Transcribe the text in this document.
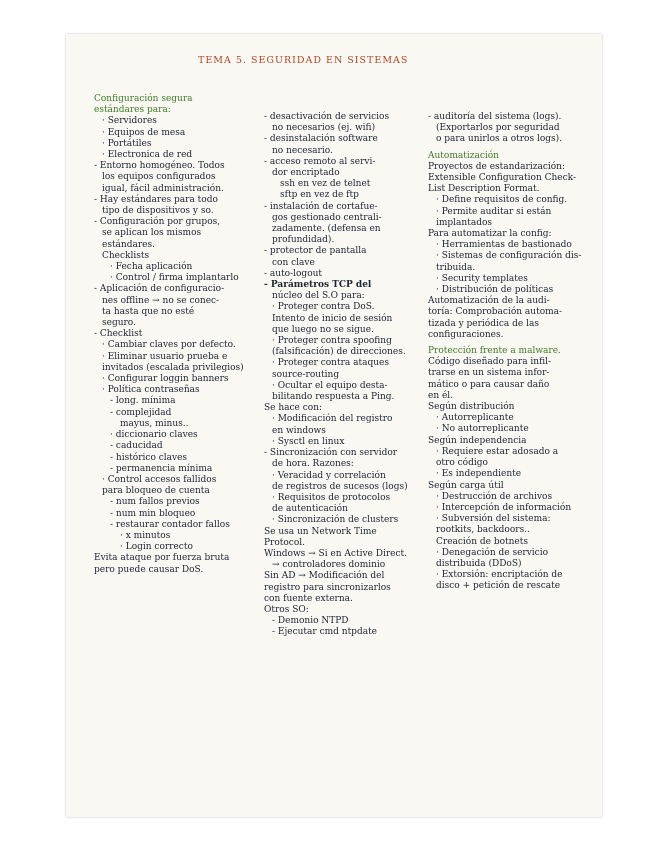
TEMA 5. SEGURIDAD EN SISTEMAS
Configuración segura
estándares para:
· Servidores
· Equipos de mesa
· Portátiles
· Electronica de red
- Entorno homogéneo. Todos
los equipos configurados
igual, fácil administración.
- Hay estándares para todo
tipo de dispositivos y so.
- Configuración por grupos,
se aplican los mismos
estándares.
Checklists
· Fecha aplicación
· Control / firma implantarlo
- Aplicación de configuracio-
nes offline → no se conec-
ta hasta que no esté
seguro.
- Checklist
· Cambiar claves por defecto.
· Eliminar usuario prueba e
invitados (escalada privilegios)
· Configurar loggin banners
· Política contraseñas
- long. mínima
- complejidad
mayus, minus..
· diccionario claves
- caducidad
- histórico claves
- permanencia mínima
· Control accesos fallidos
para bloqueo de cuenta
- num fallos previos
- num min bloqueo
- restaurar contador fallos
· x minutos
· Login correcto
Evita ataque por fuerza bruta
pero puede causar DoS.
- desactivación de servicios
no necesarios (ej. wifi)
- desinstalación software
no necesario.
- acceso remoto al servi-
dor encriptado
ssh en vez de telnet
sftp en vez de ftp
- instalación de cortafue-
gos gestionado centrali-
zadamente. (defensa en
profundidad).
- protector de pantalla
con clave
- auto-logout
- Parámetros TCP del
núcleo del S.O para:
· Proteger contra DoS.
Intento de inicio de sesión
que luego no se sigue.
· Proteger contra spoofing
(falsificación) de direcciones.
· Proteger contra ataques
source-routing
· Ocultar el equipo desta-
bilitando respuesta a Ping.
Se hace con:
· Modificación del registro
en windows
· Sysctl en linux
- Sincronización con servidor
de hora. Razones:
· Veracidad y correlación
de registros de sucesos (logs)
· Requisitos de protocolos
de autenticación
· Sincronización de clusters
Se usa un Network Time
Protocol.
Windows → Si en Active Direct.
→ controladores dominio
Sin AD → Modificación del
registro para sincronizarlos
con fuente externa.
Otros SO:
- Demonio NTPD
- Ejecutar cmd ntpdate
- auditoría del sistema (logs).
(Exportarlos por seguridad
o para unirlos a otros logs).
Automatización
Proyectos de estandarización:
Extensible Configuration Check-
List Description Format.
· Define requisitos de config.
· Permite auditar si están
implantados
Para automatizar la config:
· Herramientas de bastionado
· Sistemas de configuración dis-
tribuida.
· Security templates
· Distribución de políticas
Automatización de la audi-
toría: Comprobación automa-
tizada y periódica de las
configuraciones.
Protección frente a malware.
Código diseñado para infil-
trarse en un sistema infor-
mático o para causar daño
en él.
Según distribución
· Autorreplicante
· No autorreplicante
Según independencia
· Requiere estar adosado a
otro código
· Es independiente
Según carga útil
· Destrucción de archivos
· Intercepción de información
· Subversión del sistema:
rootkits, backdoors..
Creación de botnets
· Denegación de servicio
distribuida (DDoS)
· Extorsión: encriptación de
disco + petición de rescate
